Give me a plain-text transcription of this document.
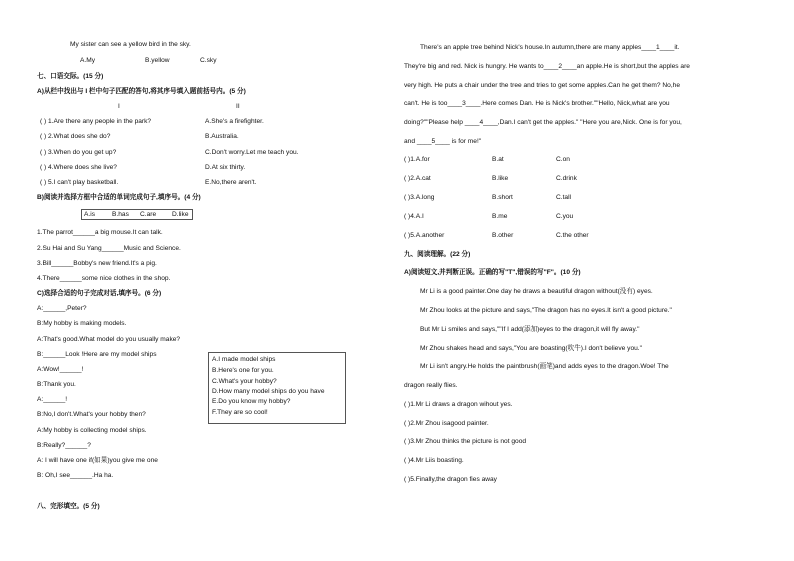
My sister can see a yellow bird in the sky.
A.My	B.yellow	C.sky
七、口语交际。(15 分)
A)从栏中找出与 I 栏中句子匹配的答句,将其序号填入题前括号内。(5 分)
I	II
( ) 1.Are there any people in the park?	A.She's a firefighter.
( ) 2.What does she do?	B.Australia.
( ) 3.When do you get up?	C.Don't worry.Let me teach you.
( ) 4.Where does she live?	D.At six thirty.
( ) 5.I can't play basketball.	E.No,there aren't.
B)阅读并选择方框中合适的单词完成句子,填序号。(4 分)
A.is	B.has C.are D.like
1.The parrot______a big mouse.It can talk.
2.Su Hai and Su Yang______Music and Science.
3.Bill______Bobby's new friend.It's a pig.
4.There______some nice clothes in the shop.
C)选择合适的句子完成对话,填序号。(6 分)
A:______,Peter?
B:My hobby is making models.
A:That's good.What model do you usually make?
B:______Look !Here are my model ships
A:Wow!______!
B:Thank you.
A:______!
B:No,I don't.What's your hobby then?
A:My hobby is collecting model ships.
B:Really?______?
A: I will have one if(如果)you give me one
B: Oh,I see______.Ha ha.
A.I made model ships
B.Here's one for you.
C.What's your hobby?
D.How many model ships do you have
E.Do you know my hobby?
F.They are so cool!
八、完形填空。(5 分)
There's an apple tree behind Nick's house.In autumn,there are many apples____1____it.
They're big and red. Nick is hungry. He wants to____2____an apple.He is short,but the apples are
very high. He puts a chair under the tree and tries to get some apples.Can he get them? No,he
can't. He is too____3____.Here comes Dan. He is Nick's brother.""Hello, Nick,what are you
doing?""Please help ____4____,Dan.I can't get the apples." "Here you are,Nick. One is for you,
and ____5____ is for me!"
( )1.A.for	B.at	C.on
( )2.A.cat	B.like	C.drink
( )3.A.long	B.short	C.tall
( )4.A.I	B.me	C.you
( )5.A.another	B.other	C.the other
九、阅读理解。(22 分)
A)阅读短文,并判断正误。正确的写"T",错误的写"F"。(10 分)
Mr Li is a good painter.One day he draws a beautiful dragon without(没有) eyes.
Mr Zhou looks at the picture and says,"The dragon has no eyes.It isn't a good picture."
But Mr Li smiles and says,""If I add(添加)eyes to the dragon,it will fly away."
Mr Zhou shakes head and says,"You are boasting(吹牛).I don't believe you."
Mr Li isn't angry.He holds the paintbrush(画笔)and adds eyes to the dragon.Woe! The
dragon really flies.
( )1.Mr Li draws a dragon wihout yes.
( )2.Mr Zhou isagood painter.
( )3.Mr Zhou thinks the picture is not good
( )4.Mr Liis boasting.
( )5.Finally,the dragon fies away
